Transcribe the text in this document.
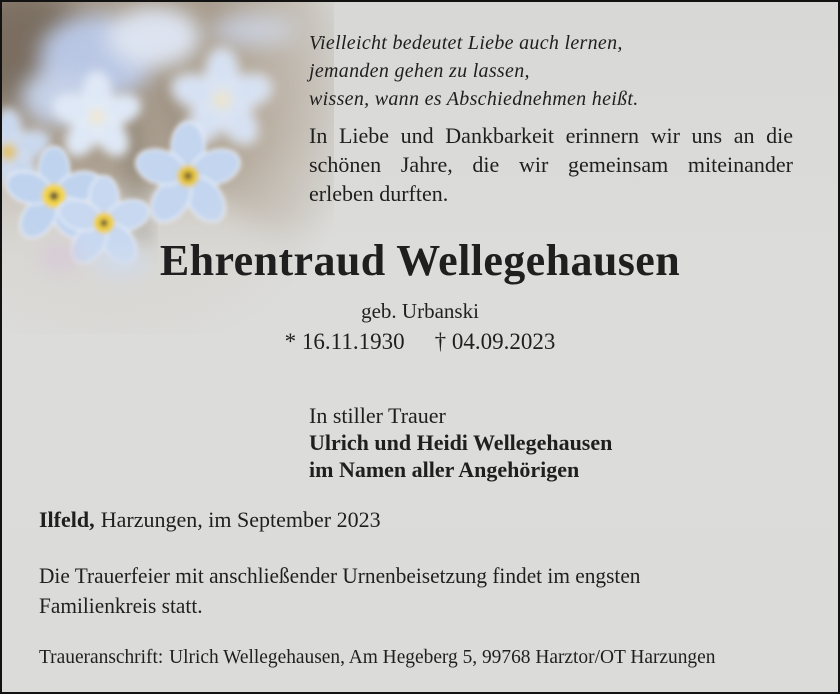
Vielleicht bedeutet Liebe auch lernen,
jemanden gehen zu lassen,
wissen, wann es Abschiednehmen heißt.
In Liebe und Dankbarkeit erinnern wir uns an die
schönen Jahre, die wir gemeinsam miteinander
erleben durften.
Ehrentraud Wellegehausen
geb. Urbanski
* 16.11.1930 † 04.09.2023
In stiller Trauer
Ulrich und Heidi Wellegehausen
im Namen aller Angehörigen
Ilfeld, Harzungen, im September 2023
Die Trauerfeier mit anschließender Urnenbeisetzung findet im engsten
Familienkreis statt.
Traueranschrift: Ulrich Wellegehausen, Am Hegeberg 5, 99768 Harztor/OT Harzungen
